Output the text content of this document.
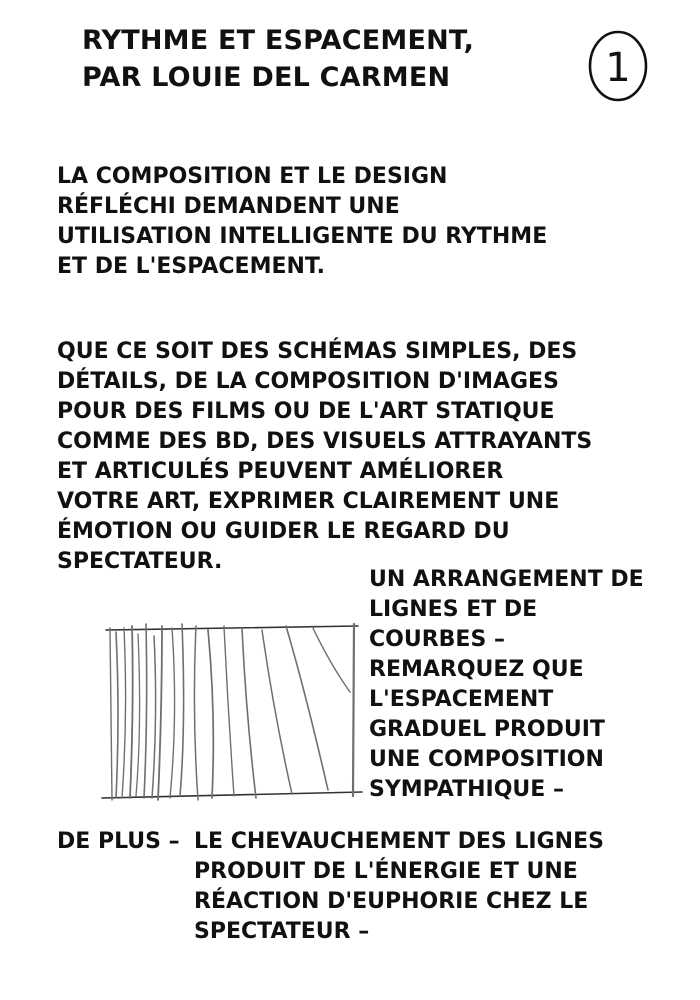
RYTHME ET ESPACEMENT,
PAR LOUIE DEL CARMEN	1
LA COMPOSITION ET LE DESIGN
RÉFLÉCHI DEMANDENT UNE
UTILISATION INTELLIGENTE DU RYTHME
ET DE L'ESPACEMENT.
QUE CE SOIT DES SCHÉMAS SIMPLES, DES
DÉTAILS, DE LA COMPOSITION D'IMAGES
POUR DES FILMS OU DE L'ART STATIQUE
COMME DES BD, DES VISUELS ATTRAYANTS
ET ARTICULÉS PEUVENT AMÉLIORER
VOTRE ART, EXPRIMER CLAIREMENT UNE
ÉMOTION OU GUIDER LE REGARD DU
SPECTATEUR.
UN ARRANGEMENT DE
LIGNES ET DE
COURBES –
REMARQUEZ QUE
L'ESPACEMENT
GRADUEL PRODUIT
UNE COMPOSITION
SYMPATHIQUE –
DE PLUS – LE CHEVAUCHEMENT DES LIGNES
PRODUIT DE L'ÉNERGIE ET UNE
RÉACTION D'EUPHORIE CHEZ LE
SPECTATEUR –
